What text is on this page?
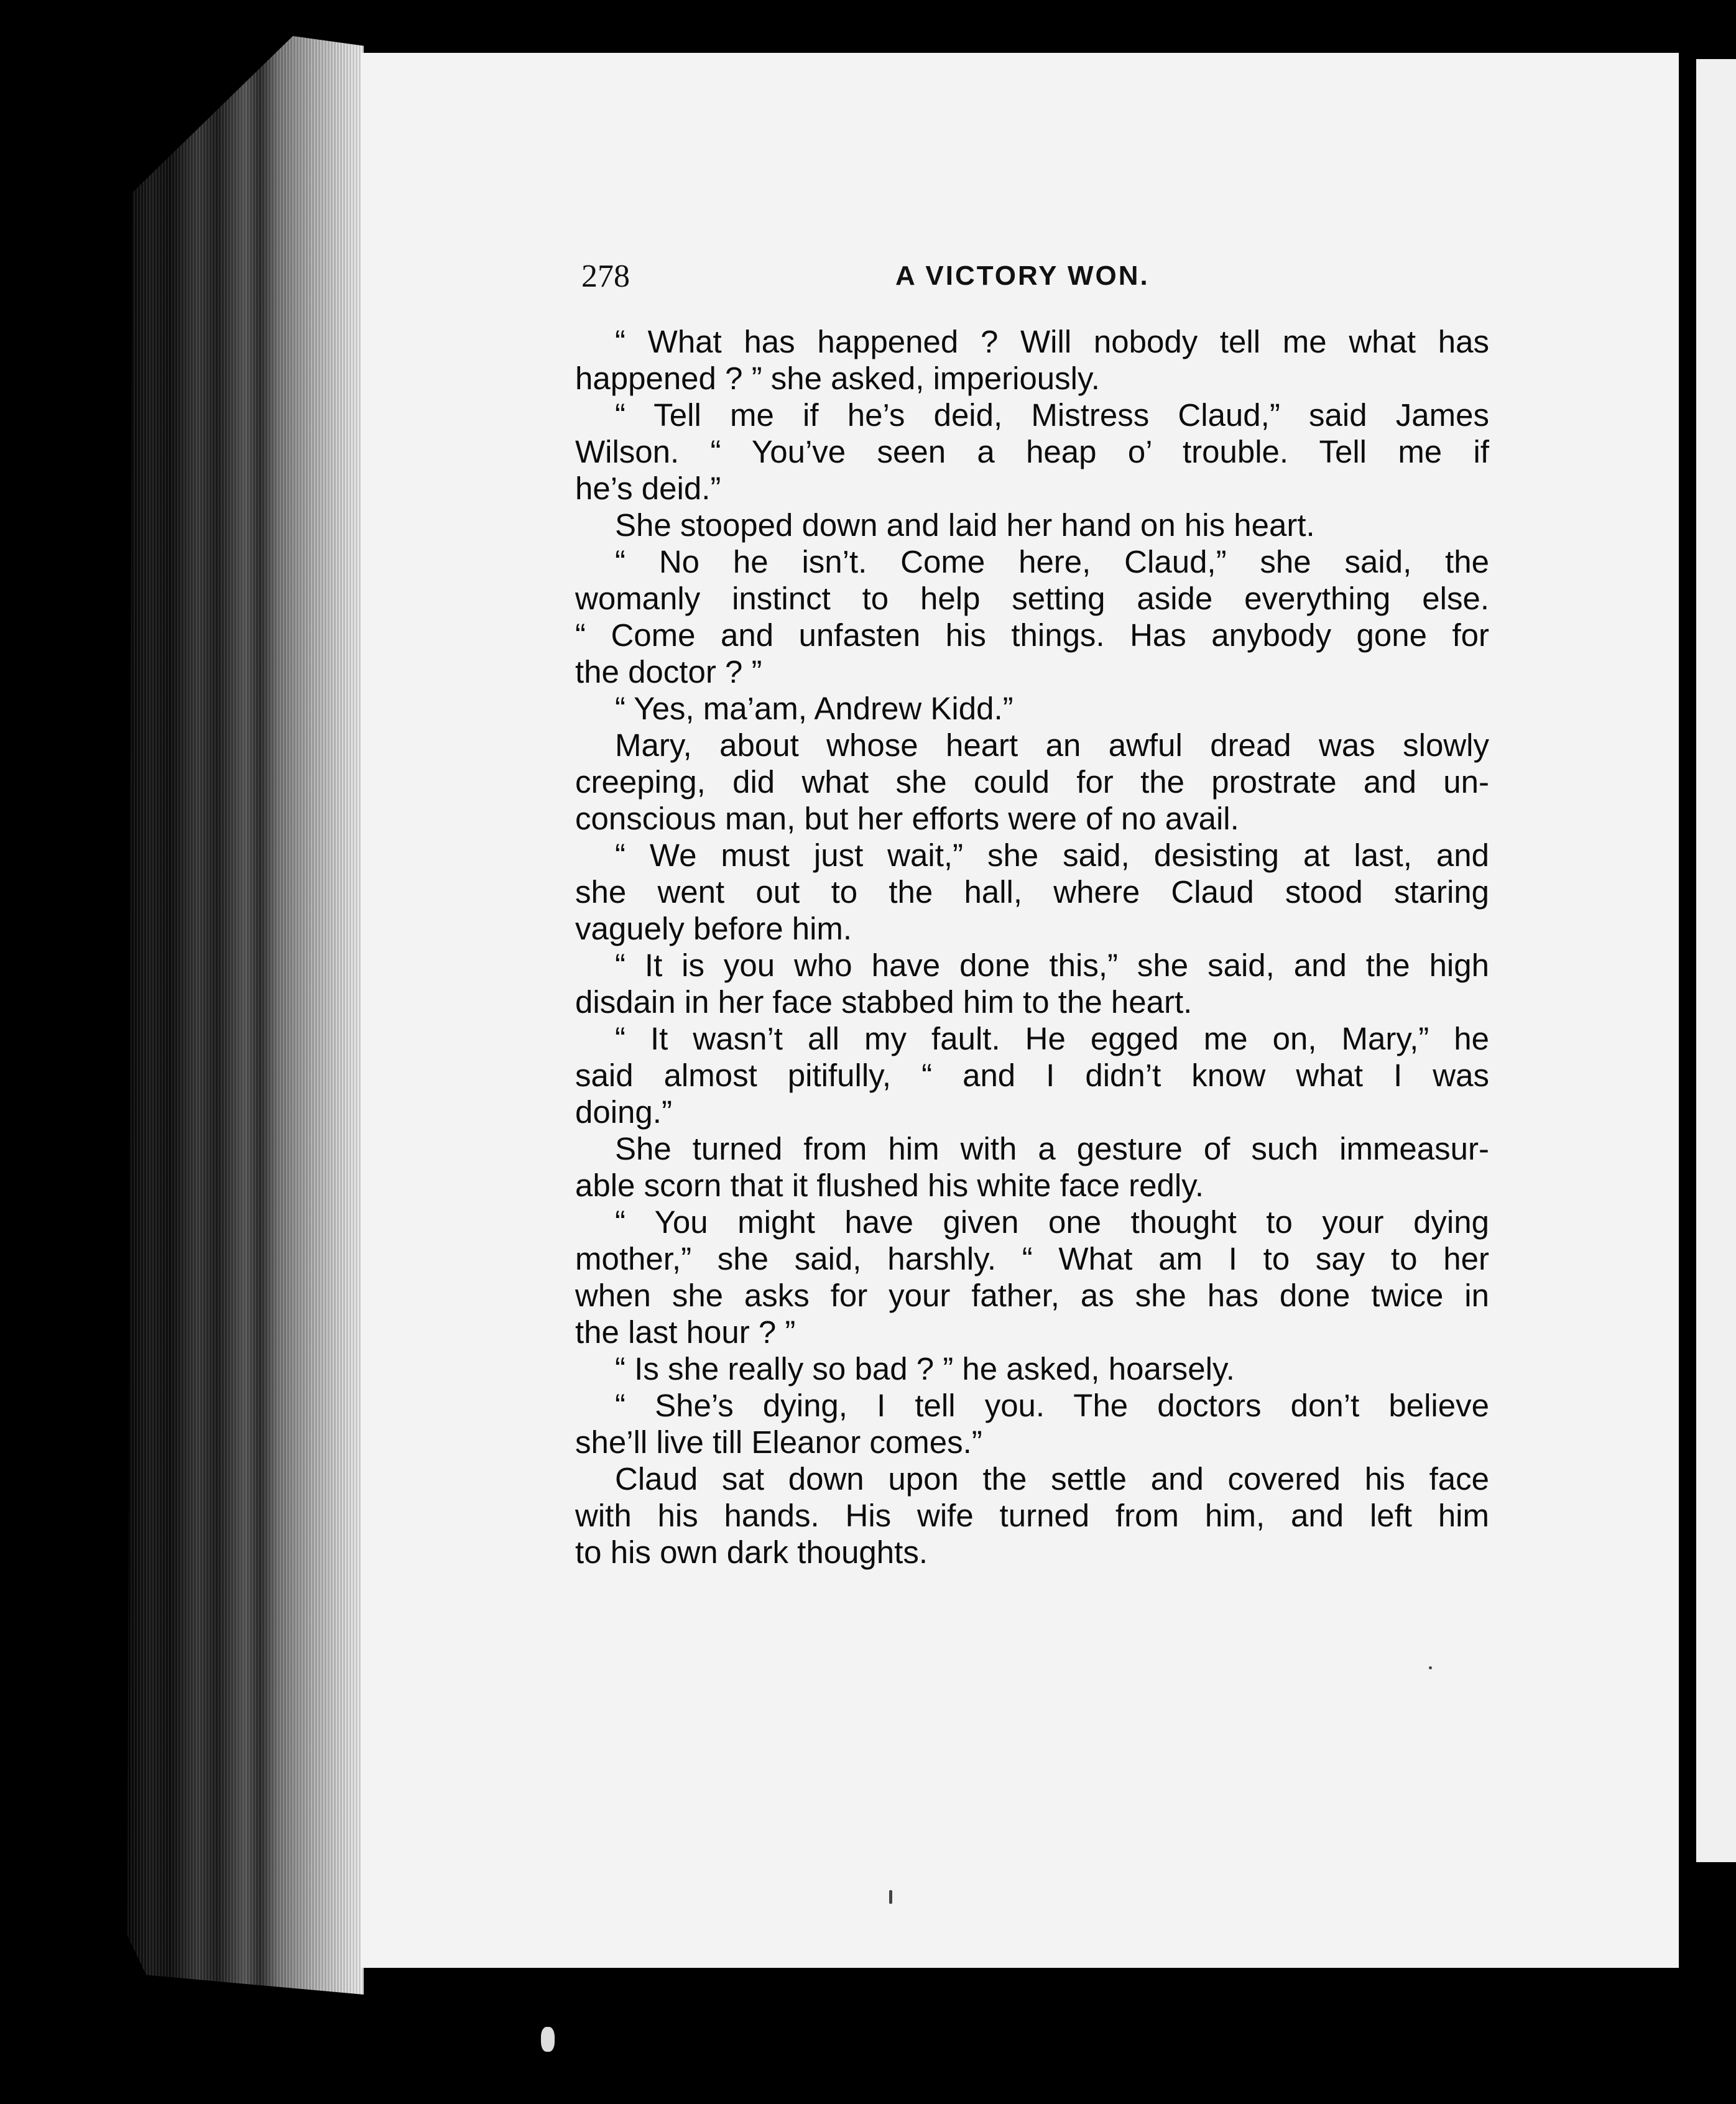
278	A VICTORY WON.

“ What has happened ? Will nobody tell me what has
happened ? ” she asked, imperiously.

“ Tell me if he’s deid, Mistress Claud,” said James
Wilson. “ You’ve seen a heap o’ trouble. Tell me if
he’s deid.”

She stooped down and laid her hand on his heart.

“ No he isn’t. Come here, Claud,” she said, the
womanly instinct to help setting aside everything else.
“ Come and unfasten his things. Has anybody gone for
the doctor ? ”

“ Yes, ma’am, Andrew Kidd.”

Mary, about whose heart an awful dread was slowly
creeping, did what she could for the prostrate and un-
conscious man, but her efforts were of no avail.

“ We must just wait,” she said, desisting at last, and
she went out to the hall, where Claud stood staring
vaguely before him.

“ It is you who have done this,” she said, and the high
disdain in her face stabbed him to the heart.

“ It wasn’t all my fault. He egged me on, Mary,” he
said almost pitifully, “ and I didn’t know what I was
doing.”

She turned from him with a gesture of such immeasur-
able scorn that it flushed his white face redly.

“ You might have given one thought to your dying
mother,” she said, harshly. “ What am I to say to her
when she asks for your father, as she has done twice in
the last hour ? ”

“ Is she really so bad ? ” he asked, hoarsely.

“ She’s dying, I tell you. The doctors don’t believe
she’ll live till Eleanor comes.”

Claud sat down upon the settle and covered his face
with his hands. His wife turned from him, and left him
to his own dark thoughts.
